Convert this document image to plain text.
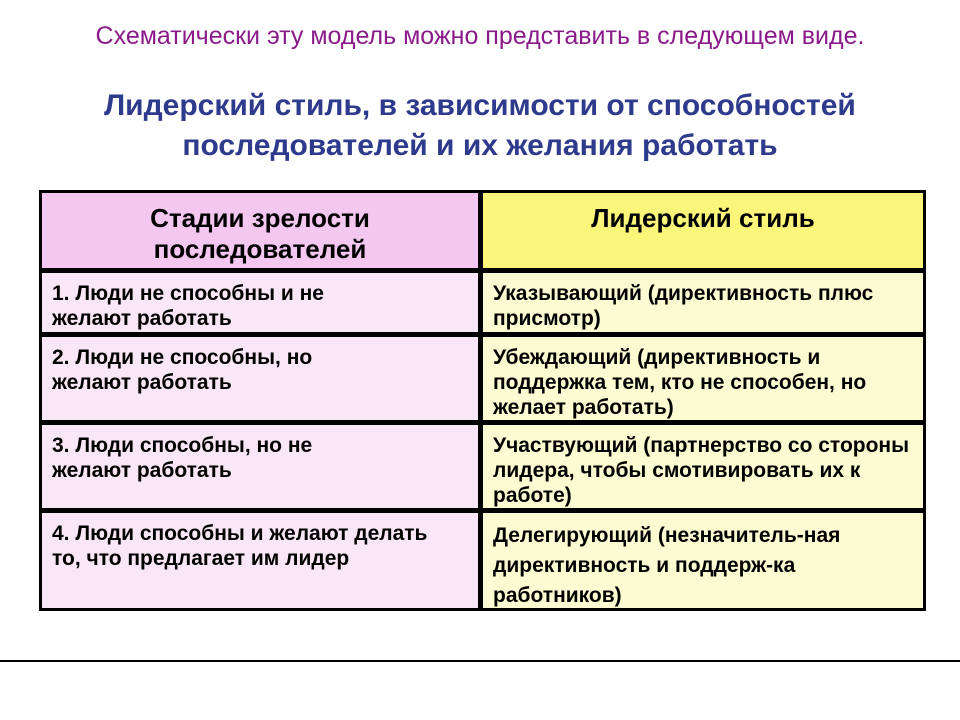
Схематически эту модель можно представить в следующем виде.
Лидерский стиль, в зависимости от способностей
последователей и их желания работать
Стадии зрелости последователей
Лидерский стиль
1. Люди не способны и не желают работать
Указывающий (директивность плюс присмотр)
2. Люди не способны, но желают работать
Убеждающий (директивность и поддержка тем, кто не способен, но желает работать)
3. Люди способны, но не желают работать
Участвующий (партнерство со стороны лидера, чтобы смотивировать их к работе)
4. Люди способны и желают делать то, что предлагает им лидер
Делегирующий (незначитель-ная директивность и поддерж-ка работников)
